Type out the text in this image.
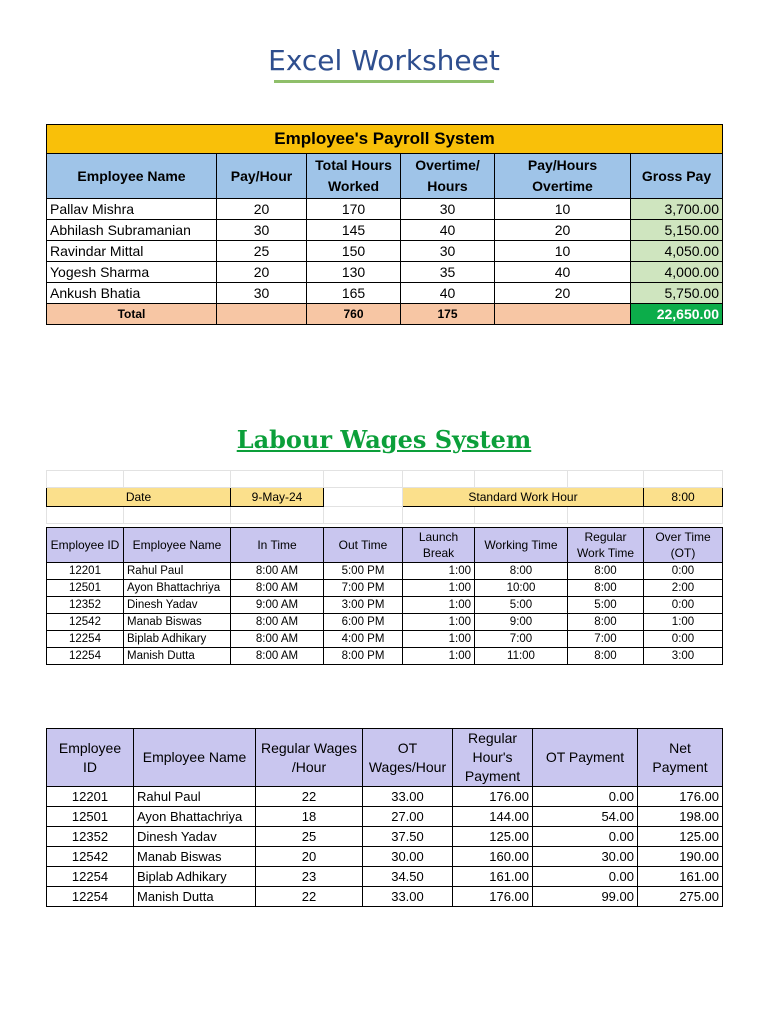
Excel Worksheet
Employee's Payroll System					
Employee Name	Pay/Hour	Total Hours Worked	Overtime/ Hours	Pay/Hours Overtime	Gross Pay
Pallav Mishra	20	170	30	10	3,700.00
Abhilash Subramanian	30	145	40	20	5,150.00
Ravindar Mittal	25	150	30	10	4,050.00
Yogesh Sharma	20	130	35	40	4,000.00
Ankush Bhatia	30	165	40	20	5,750.00
Total		760	175		22,650.00
Labour Wages System

Date		9-May-24		Standard Work Hour			8:00

Employee ID	Employee Name	In Time	Out Time	Launch Break	Working Time	Regular Work Time	Over Time (OT)
12201	Rahul Paul	8:00 AM	5:00 PM	1:00	8:00	8:00	0:00
12501	Ayon Bhattachriya	8:00 AM	7:00 PM	1:00	10:00	8:00	2:00
12352	Dinesh Yadav	9:00 AM	3:00 PM	1:00	5:00	5:00	0:00
12542	Manab Biswas	8:00 AM	6:00 PM	1:00	9:00	8:00	1:00
12254	Biplab Adhikary	8:00 AM	4:00 PM	1:00	7:00	7:00	0:00
12254	Manish Dutta	8:00 AM	8:00 PM	1:00	11:00	8:00	3:00
Employee ID	Employee Name	Regular Wages /Hour	OT Wages/Hour	Regular Hour's Payment	OT Payment	Net Payment
12201	Rahul Paul	22	33.00	176.00	0.00	176.00
12501	Ayon Bhattachriya	18	27.00	144.00	54.00	198.00
12352	Dinesh Yadav	25	37.50	125.00	0.00	125.00
12542	Manab Biswas	20	30.00	160.00	30.00	190.00
12254	Biplab Adhikary	23	34.50	161.00	0.00	161.00
12254	Manish Dutta	22	33.00	176.00	99.00	275.00
